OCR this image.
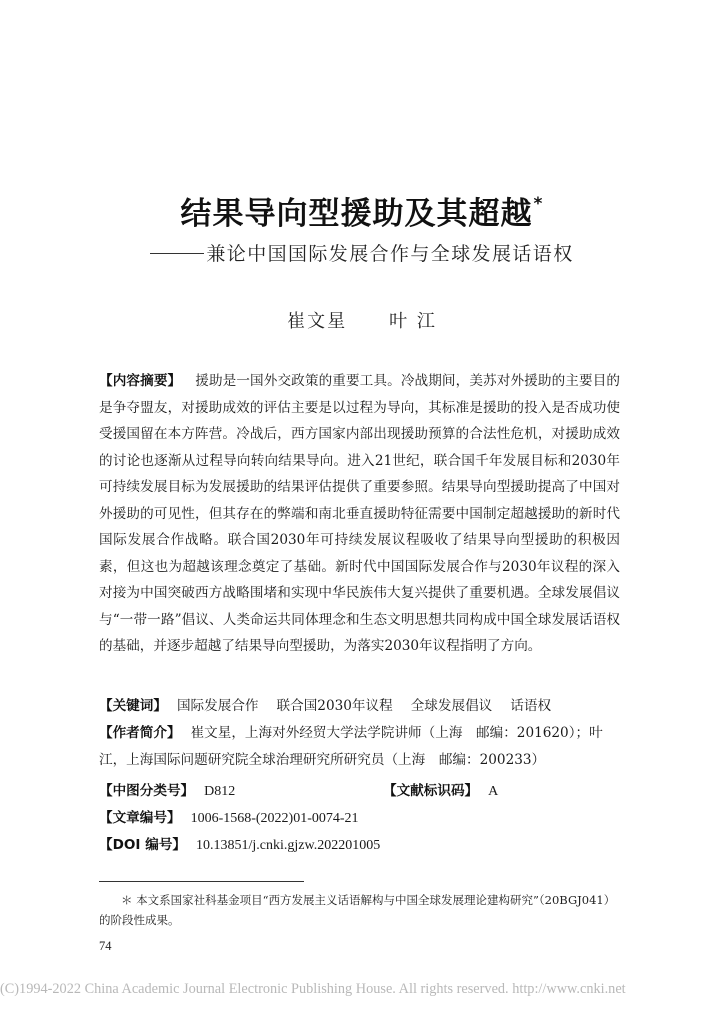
结果导向型援助及其超越*
兼论中国国际发展合作与全球发展话语权
崔文星 叶 江
【内容摘要】 援助是一国外交政策的重要工具。冷战期间，美苏对外援助的主要目的是争夺盟友，对援助成效的评估主要是以过程为导向，其标准是援助的投入是否成功使受援国留在本方阵营。冷战后，西方国家内部出现援助预算的合法性危机，对援助成效的讨论也逐渐从过程导向转向结果导向。进入21世纪，联合国千年发展目标和2030年可持续发展目标为发展援助的结果评估提供了重要参照。结果导向型援助提高了中国对外援助的可见性，但其存在的弊端和南北垂直援助特征需要中国制定超越援助的新时代国际发展合作战略。联合国2030年可持续发展议程吸收了结果导向型援助的积极因素，但这也为超越该理念奠定了基础。新时代中国国际发展合作与2030年议程的深入对接为中国突破西方战略围堵和实现中华民族伟大复兴提供了重要机遇。全球发展倡议与“一带一路”倡议、人类命运共同体理念和生态文明思想共同构成中国全球发展话语权的基础，并逐步超越了结果导向型援助，为落实2030年议程指明了方向。
【关键词】 国际发展合作 联合国2030年议程 全球发展倡议 话语权
【作者简介】 崔文星，上海对外经贸大学法学院讲师（上海　邮编：201620）；叶江，上海国际问题研究院全球治理研究所研究员（上海　邮编：200233）
【中图分类号】 D812	【文献标识码】 A
【文章编号】 1006-1568-(2022)01-0074-21
【DOI 编号】 10.13851/j.cnki.gjzw.202201005
＊ 本文系国家社科基金项目“西方发展主义话语解构与中国全球发展理论建构研究”（20BGJ041）的阶段性成果。
74
(C)1994-2022 China Academic Journal Electronic Publishing House. All rights reserved. http://www.cnki.net
